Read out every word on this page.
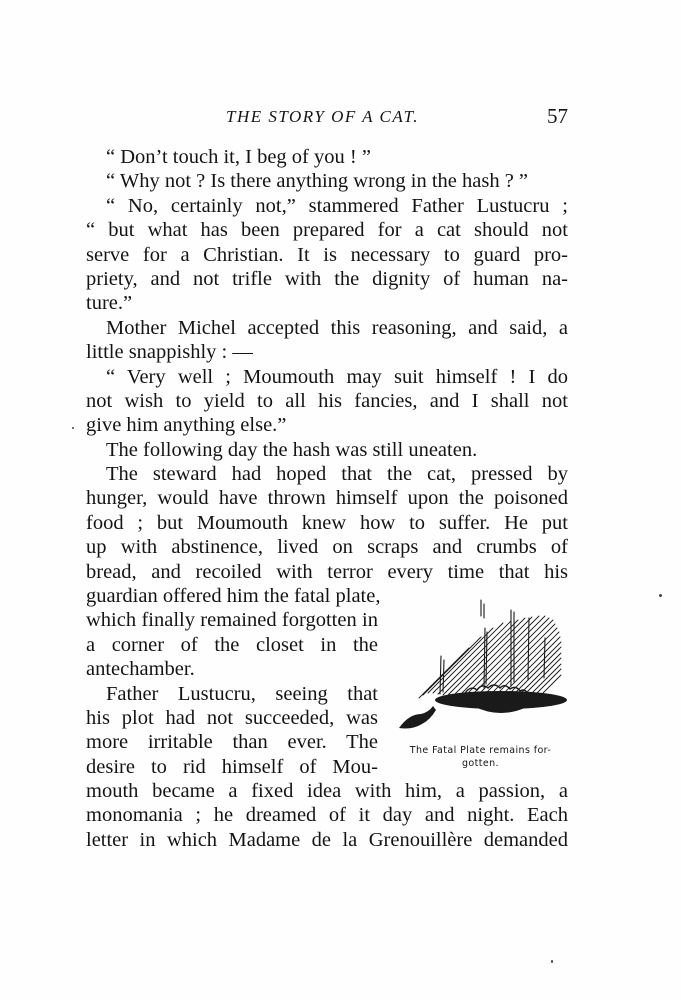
THE STORY OF A CAT.	57
“ Don’t touch it, I beg of you ! ”
“ Why not ? Is there anything wrong in the hash ? ”
“ No, certainly not,” stammered Father Lustucru ;
“ but what has been prepared for a cat should not
serve for a Christian. It is necessary to guard pro-
priety, and not trifle with the dignity of human na-
ture.”
Mother Michel accepted this reasoning, and said, a
little snappishly : —
“ Very well ; Moumouth may suit himself ! I do
not wish to yield to all his fancies, and I shall not
give him anything else.”
The following day the hash was still uneaten.
The steward had hoped that the cat, pressed by
hunger, would have thrown himself upon the poisoned
food ; but Moumouth knew how to suffer. He put
up with abstinence, lived on scraps and crumbs of
bread, and recoiled with terror every time that his
guardian offered him the fatal plate,
which finally remained forgotten in
a corner of the closet in the
antechamber.
Father Lustucru, seeing that
his plot had not succeeded, was
more irritable than ever. The
desire to rid himself of Mou-
mouth became a fixed idea with him, a passion, a
monomania ; he dreamed of it day and night. Each
letter in which Madame de la Grenouillère demanded
The Fatal Plate remains for-
gotten.
